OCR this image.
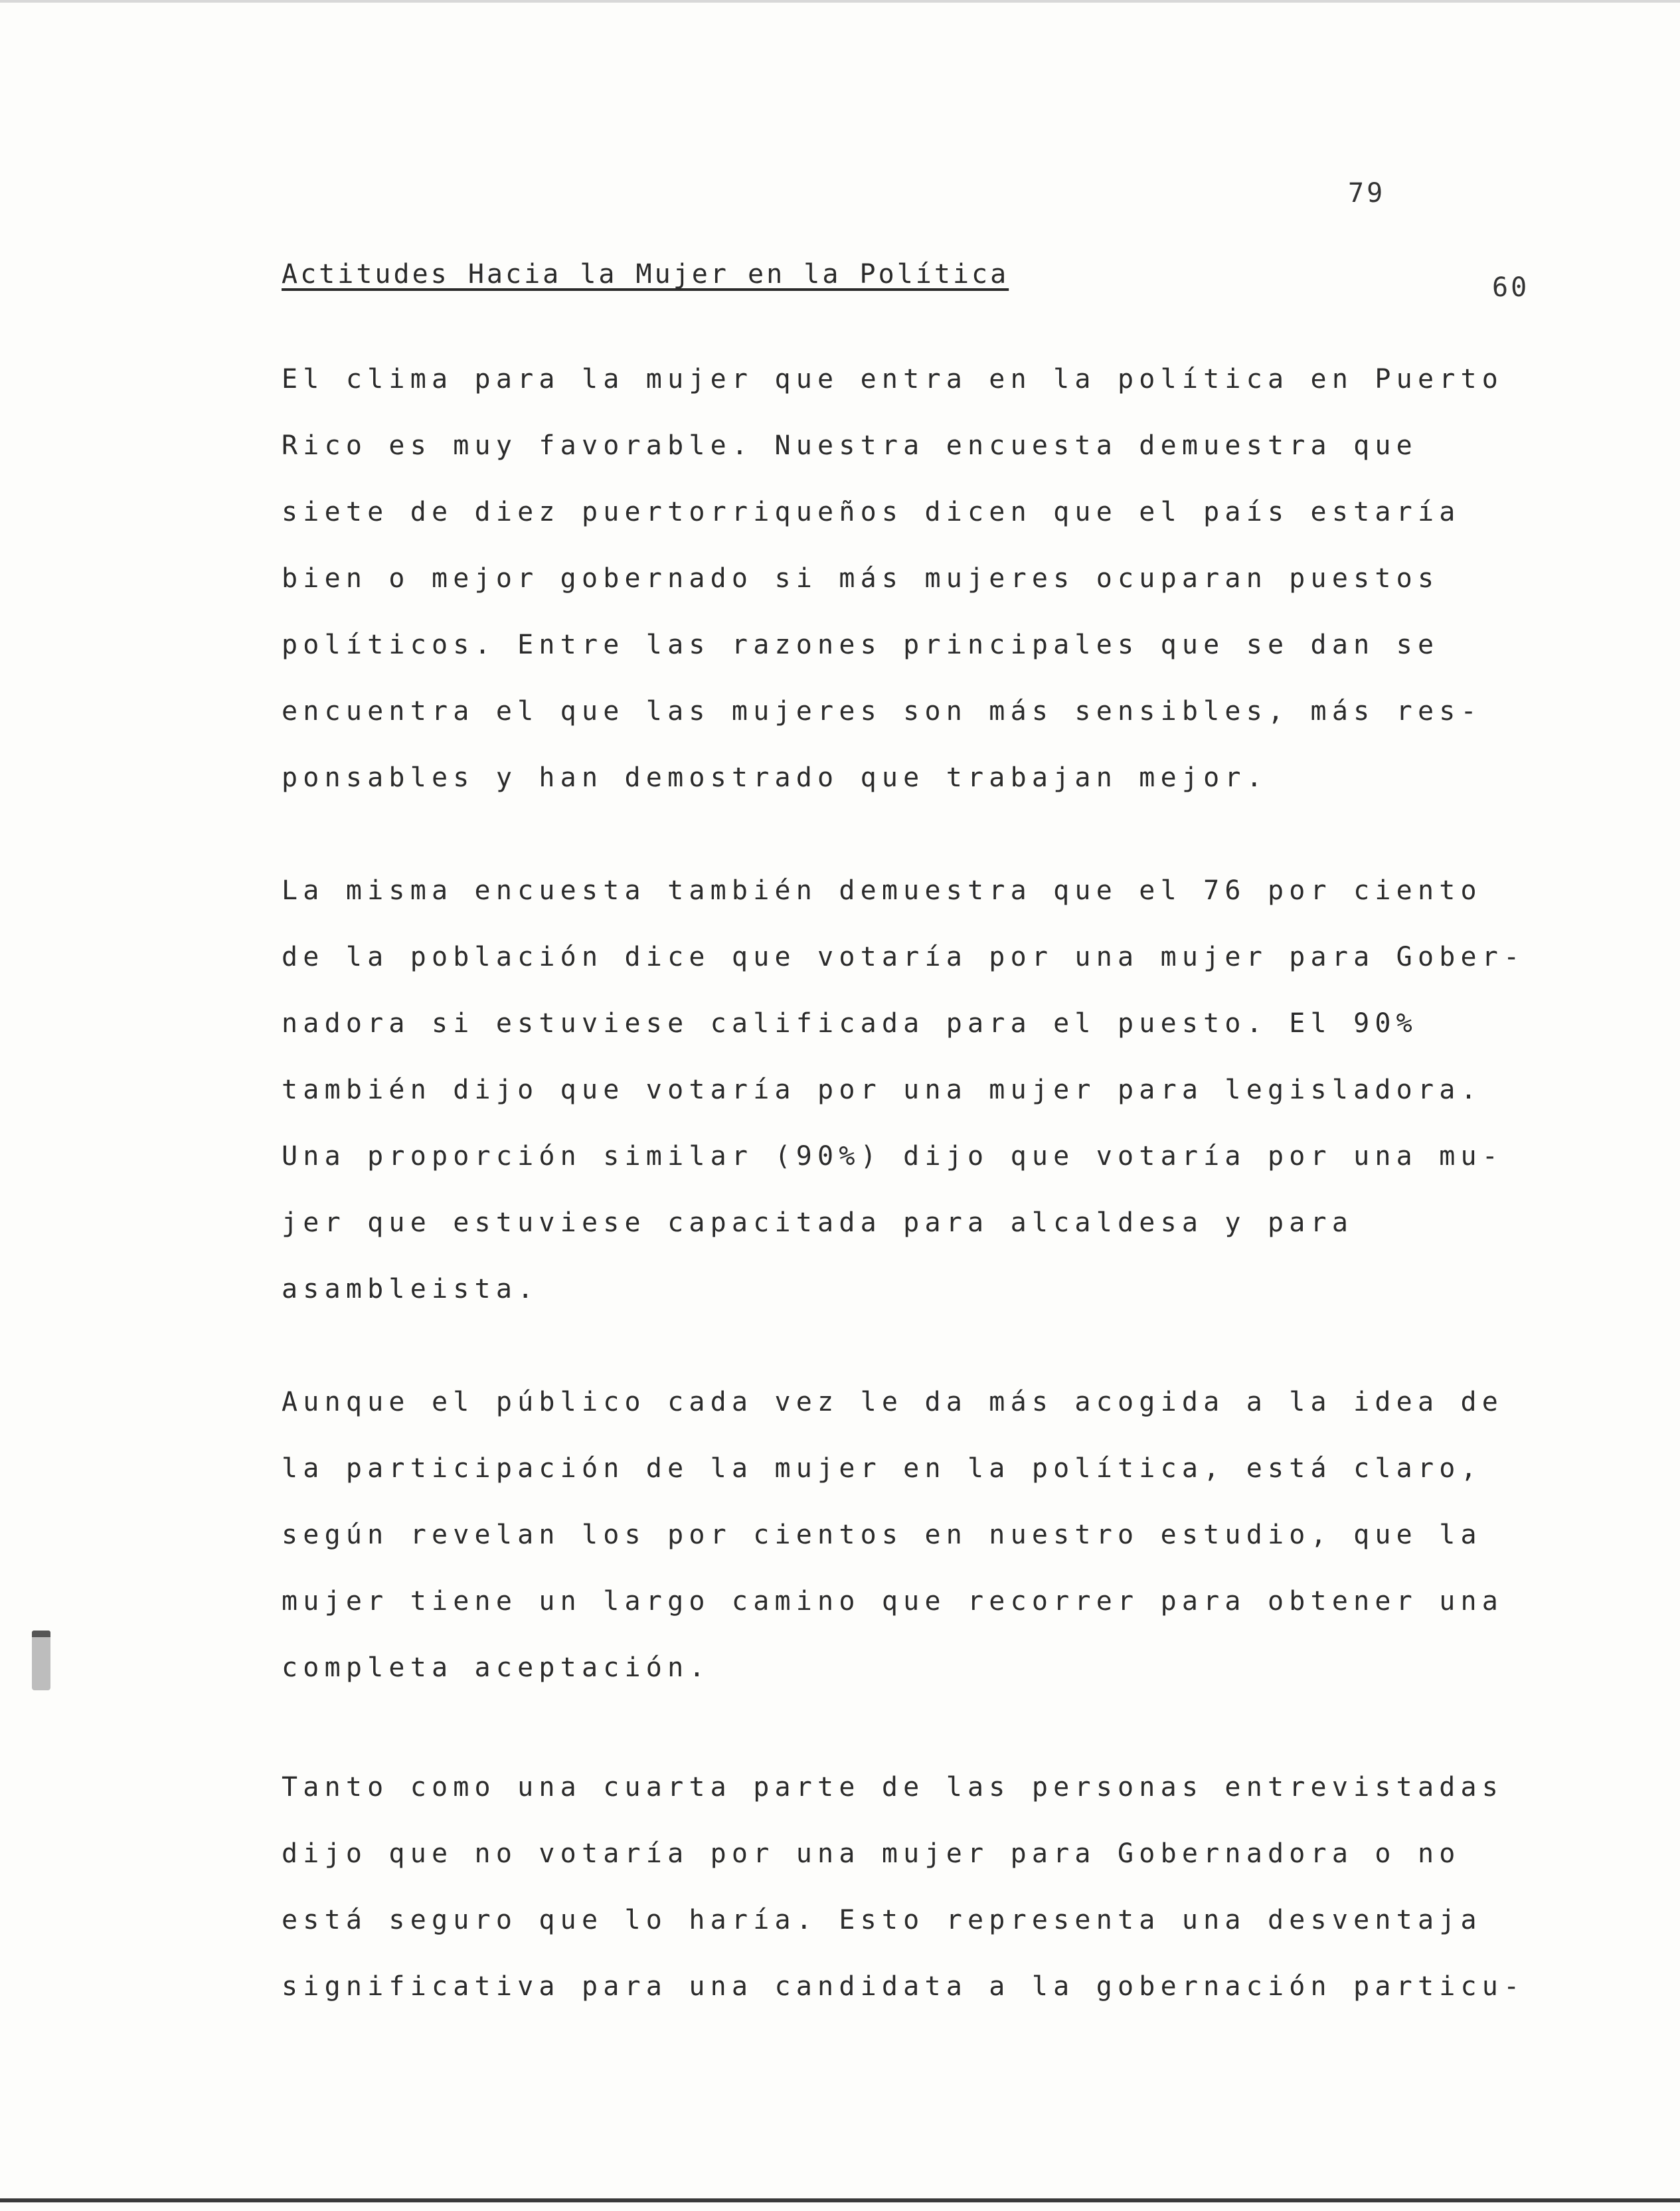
79
60
Actitudes Hacia la Mujer en la Política
El clima para la mujer que entra en la política en Puerto
Rico es muy favorable. Nuestra encuesta demuestra que
siete de diez puertorriqueños dicen que el país estaría
bien o mejor gobernado si más mujeres ocuparan puestos
políticos. Entre las razones principales que se dan se
encuentra el que las mujeres son más sensibles, más res-
ponsables y han demostrado que trabajan mejor.
La misma encuesta también demuestra que el 76 por ciento
de la población dice que votaría por una mujer para Gober-
nadora si estuviese calificada para el puesto. El 90%
también dijo que votaría por una mujer para legisladora.
Una proporción similar (90%) dijo que votaría por una mu-
jer que estuviese capacitada para alcaldesa y para
asambleista.
Aunque el público cada vez le da más acogida a la idea de
la participación de la mujer en la política, está claro,
según revelan los por cientos en nuestro estudio, que la
mujer tiene un largo camino que recorrer para obtener una
completa aceptación.
Tanto como una cuarta parte de las personas entrevistadas
dijo que no votaría por una mujer para Gobernadora o no
está seguro que lo haría. Esto representa una desventaja
significativa para una candidata a la gobernación particu-
